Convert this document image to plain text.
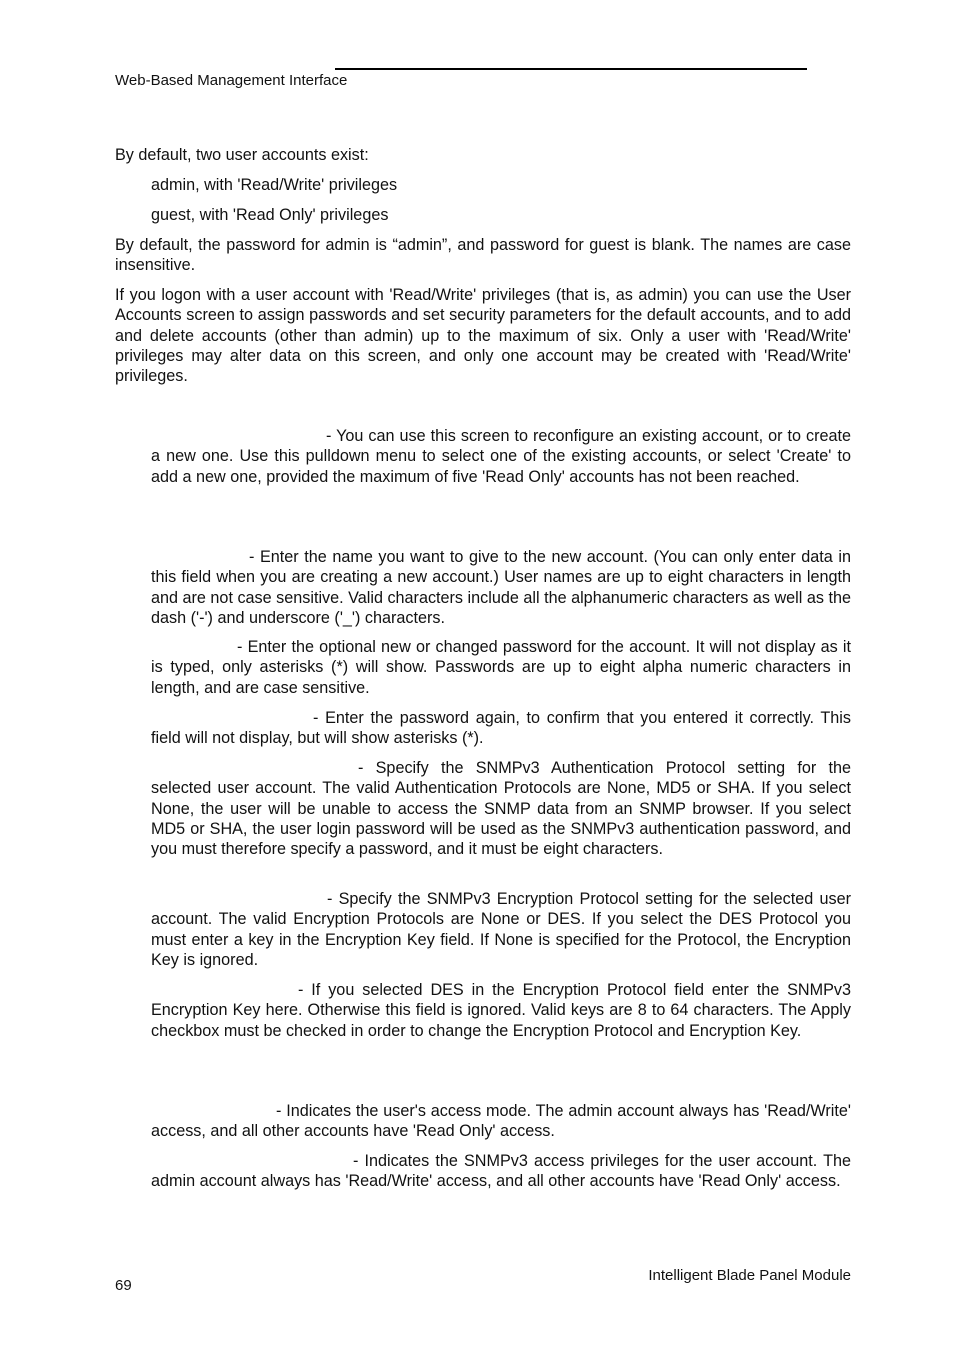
Web-Based Management Interface
By default, two user accounts exist:
admin, with 'Read/Write' privileges
guest, with 'Read Only' privileges
By default, the password for admin is “admin”, and password for guest is blank. The names are case insensitive.
If you logon with a user account with 'Read/Write' privileges (that is, as admin) you can use the User Accounts screen to assign passwords and set security parameters for the default accounts, and to add and delete accounts (other than admin) up to the maximum of six. Only a user with 'Read/Write' privileges may alter data on this screen, and only one account may be created with 'Read/Write' privileges.
- You can use this screen to reconfigure an existing account, or to create a new one. Use this pulldown menu to select one of the existing accounts, or select 'Create' to add a new one, provided the maximum of five 'Read Only' accounts has not been reached.
- Enter the name you want to give to the new account. (You can only enter data in this field when you are creating a new account.) User names are up to eight characters in length and are not case sensitive. Valid characters include all the alphanumeric characters as well as the dash ('-') and underscore ('_') characters.
- Enter the optional new or changed password for the account. It will not display as it is typed, only asterisks (*) will show. Passwords are up to eight alpha numeric characters in length, and are case sensitive.
- Enter the password again, to confirm that you entered it correctly. This field will not display, but will show asterisks (*).
- Specify the SNMPv3 Authentication Protocol setting for the selected user account. The valid Authentication Protocols are None, MD5 or SHA. If you select None, the user will be unable to access the SNMP data from an SNMP browser. If you select MD5 or SHA, the user login password will be used as the SNMPv3 authentication password, and you must therefore specify a password, and it must be eight characters.
- Specify the SNMPv3 Encryption Protocol setting for the selected user account. The valid Encryption Protocols are None or DES. If you select the DES Protocol you must enter a key in the Encryption Key field. If None is specified for the Protocol, the Encryption Key is ignored.
- If you selected DES in the Encryption Protocol field enter the SNMPv3 Encryption Key here. Otherwise this field is ignored. Valid keys are 8 to 64 characters. The Apply checkbox must be checked in order to change the Encryption Protocol and Encryption Key.
- Indicates the user's access mode. The admin account always has 'Read/Write' access, and all other accounts have 'Read Only' access.
- Indicates the SNMPv3 access privileges for the user account. The admin account always has 'Read/Write' access, and all other accounts have 'Read Only' access.
69
Intelligent Blade Panel Module
